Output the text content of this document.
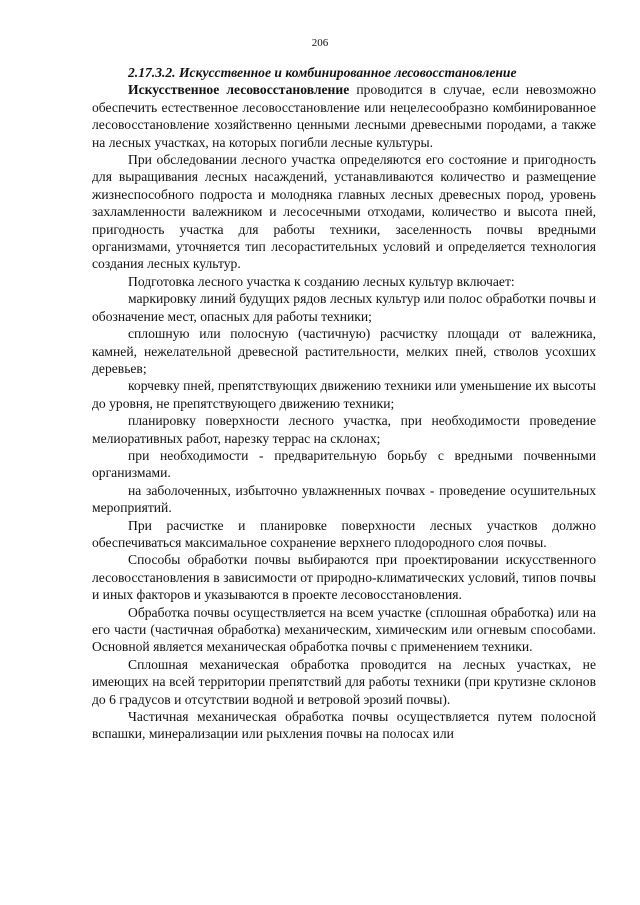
206

2.17.3.2. Искусственное и комбинированное лесовосстановление

Искусственное лесовосстановление проводится в случае, если невозможно обеспечить естественное лесовосстановление или нецелесообразно комбинированное лесовосстановление хозяйственно ценными лесными древесными породами, а также на лесных участках, на которых погибли лесные культуры.

При обследовании лесного участка определяются его состояние и пригодность для выращивания лесных насаждений, устанавливаются количество и размещение жизнеспособного подроста и молодняка главных лесных древесных пород, уровень захламленности валежником и лесосечными отходами, количество и высота пней, пригодность участка для работы техники, заселенность почвы вредными организмами, уточняется тип лесорастительных условий и определяется технология создания лесных культур.

Подготовка лесного участка к созданию лесных культур включает:

маркировку линий будущих рядов лесных культур или полос обработки почвы и обозначение мест, опасных для работы техники;

сплошную или полосную (частичную) расчистку площади от валежника, камней, нежелательной древесной растительности, мелких пней, стволов усохших деревьев;

корчевку пней, препятствующих движению техники или уменьшение их высоты до уровня, не препятствующего движению техники;

планировку поверхности лесного участка, при необходимости проведение мелиоративных работ, нарезку террас на склонах;

при необходимости - предварительную борьбу с вредными почвенными организмами.

на заболоченных, избыточно увлажненных почвах - проведение осушительных мероприятий.

При расчистке и планировке поверхности лесных участков должно обеспечиваться максимальное сохранение верхнего плодородного слоя почвы.

Способы обработки почвы выбираются при проектировании искусственного лесовосстановления в зависимости от природно-климатических условий, типов почвы и иных факторов и указываются в проекте лесовосстановления.

Обработка почвы осуществляется на всем участке (сплошная обработка) или на его части (частичная обработка) механическим, химическим или огневым способами. Основной является механическая обработка почвы с применением техники.

Сплошная механическая обработка проводится на лесных участках, не имеющих на всей территории препятствий для работы техники (при крутизне склонов до 6 градусов и отсутствии водной и ветровой эрозий почвы).

Частичная механическая обработка почвы осуществляется путем полосной вспашки, минерализации или рыхления почвы на полосах или
